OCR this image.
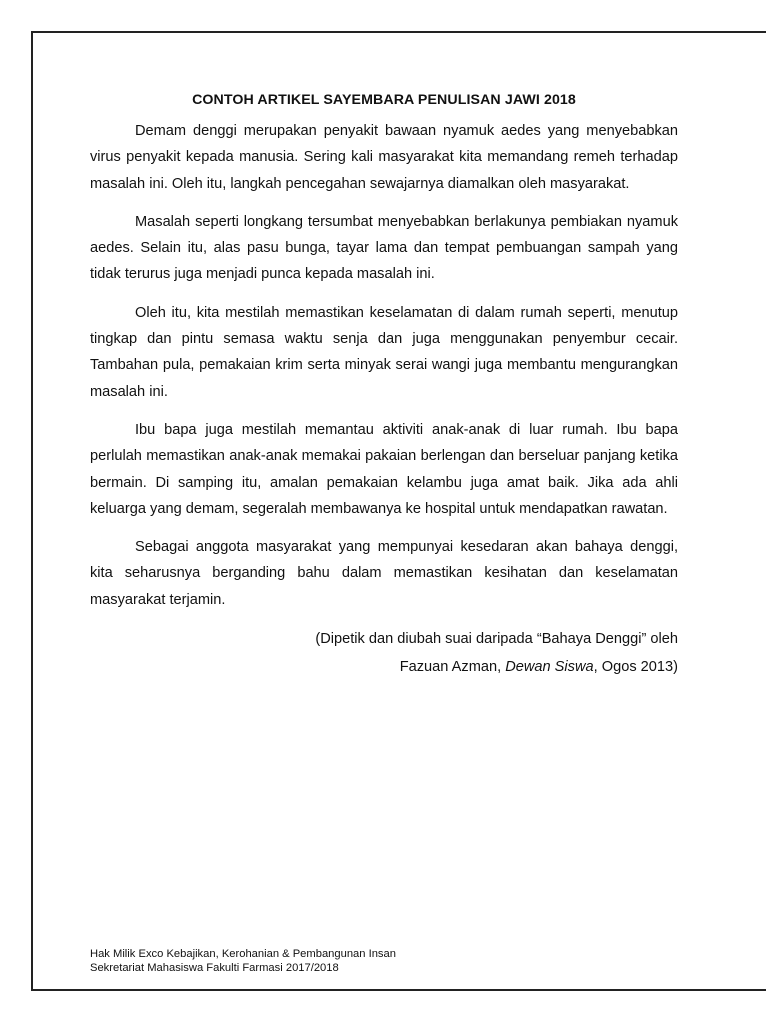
CONTOH ARTIKEL SAYEMBARA PENULISAN JAWI 2018

Demam denggi merupakan penyakit bawaan nyamuk aedes yang menyebabkan virus penyakit kepada manusia. Sering kali masyarakat kita memandang remeh terhadap masalah ini. Oleh itu, langkah pencegahan sewajarnya diamalkan oleh masyarakat.

Masalah seperti longkang tersumbat menyebabkan berlakunya pembiakan nyamuk aedes. Selain itu, alas pasu bunga, tayar lama dan tempat pembuangan sampah yang tidak terurus juga menjadi punca kepada masalah ini.

Oleh itu, kita mestilah memastikan keselamatan di dalam rumah seperti, menutup tingkap dan pintu semasa waktu senja dan juga menggunakan penyembur cecair. Tambahan pula, pemakaian krim serta minyak serai wangi juga membantu mengurangkan masalah ini.

Ibu bapa juga mestilah memantau aktiviti anak-anak di luar rumah. Ibu bapa perlulah memastikan anak-anak memakai pakaian berlengan dan berseluar panjang ketika bermain. Di samping itu, amalan pemakaian kelambu juga amat baik. Jika ada ahli keluarga yang demam, segeralah membawanya ke hospital untuk mendapatkan rawatan.

Sebagai anggota masyarakat yang mempunyai kesedaran akan bahaya denggi, kita seharusnya berganding bahu dalam memastikan kesihatan dan keselamatan masyarakat terjamin.

(Dipetik dan diubah suai daripada “Bahaya Denggi” oleh
Fazuan Azman, Dewan Siswa, Ogos 2013)

Hak Milik Exco Kebajikan, Kerohanian & Pembangunan Insan
Sekretariat Mahasiswa Fakulti Farmasi 2017/2018
